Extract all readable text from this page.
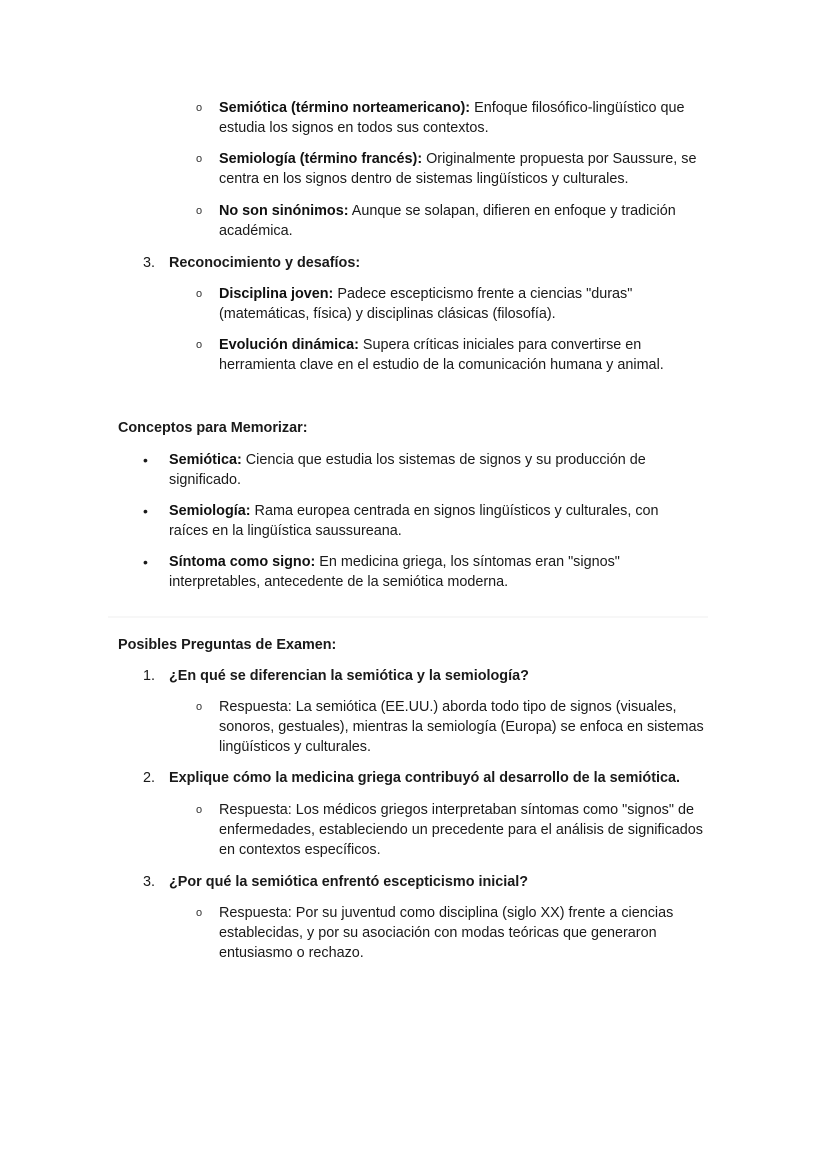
o Semiótica (término norteamericano): Enfoque filosófico-lingüístico que estudia los signos en todos sus contextos.
o Semiología (término francés): Originalmente propuesta por Saussure, se centra en los signos dentro de sistemas lingüísticos y culturales.
o No son sinónimos: Aunque se solapan, difieren en enfoque y tradición académica.
3. Reconocimiento y desafíos:
o Disciplina joven: Padece escepticismo frente a ciencias "duras" (matemáticas, física) y disciplinas clásicas (filosofía).
o Evolución dinámica: Supera críticas iniciales para convertirse en herramienta clave en el estudio de la comunicación humana y animal.
Conceptos para Memorizar:
• Semiótica: Ciencia que estudia los sistemas de signos y su producción de significado.
• Semiología: Rama europea centrada en signos lingüísticos y culturales, con raíces en la lingüística saussureana.
• Síntoma como signo: En medicina griega, los síntomas eran "signos" interpretables, antecedente de la semiótica moderna.
Posibles Preguntas de Examen:
1. ¿En qué se diferencian la semiótica y la semiología?
o Respuesta: La semiótica (EE.UU.) aborda todo tipo de signos (visuales, sonoros, gestuales), mientras la semiología (Europa) se enfoca en sistemas lingüísticos y culturales.
2. Explique cómo la medicina griega contribuyó al desarrollo de la semiótica.
o Respuesta: Los médicos griegos interpretaban síntomas como "signos" de enfermedades, estableciendo un precedente para el análisis de significados en contextos específicos.
3. ¿Por qué la semiótica enfrentó escepticismo inicial?
o Respuesta: Por su juventud como disciplina (siglo XX) frente a ciencias establecidas, y por su asociación con modas teóricas que generaron entusiasmo o rechazo.
